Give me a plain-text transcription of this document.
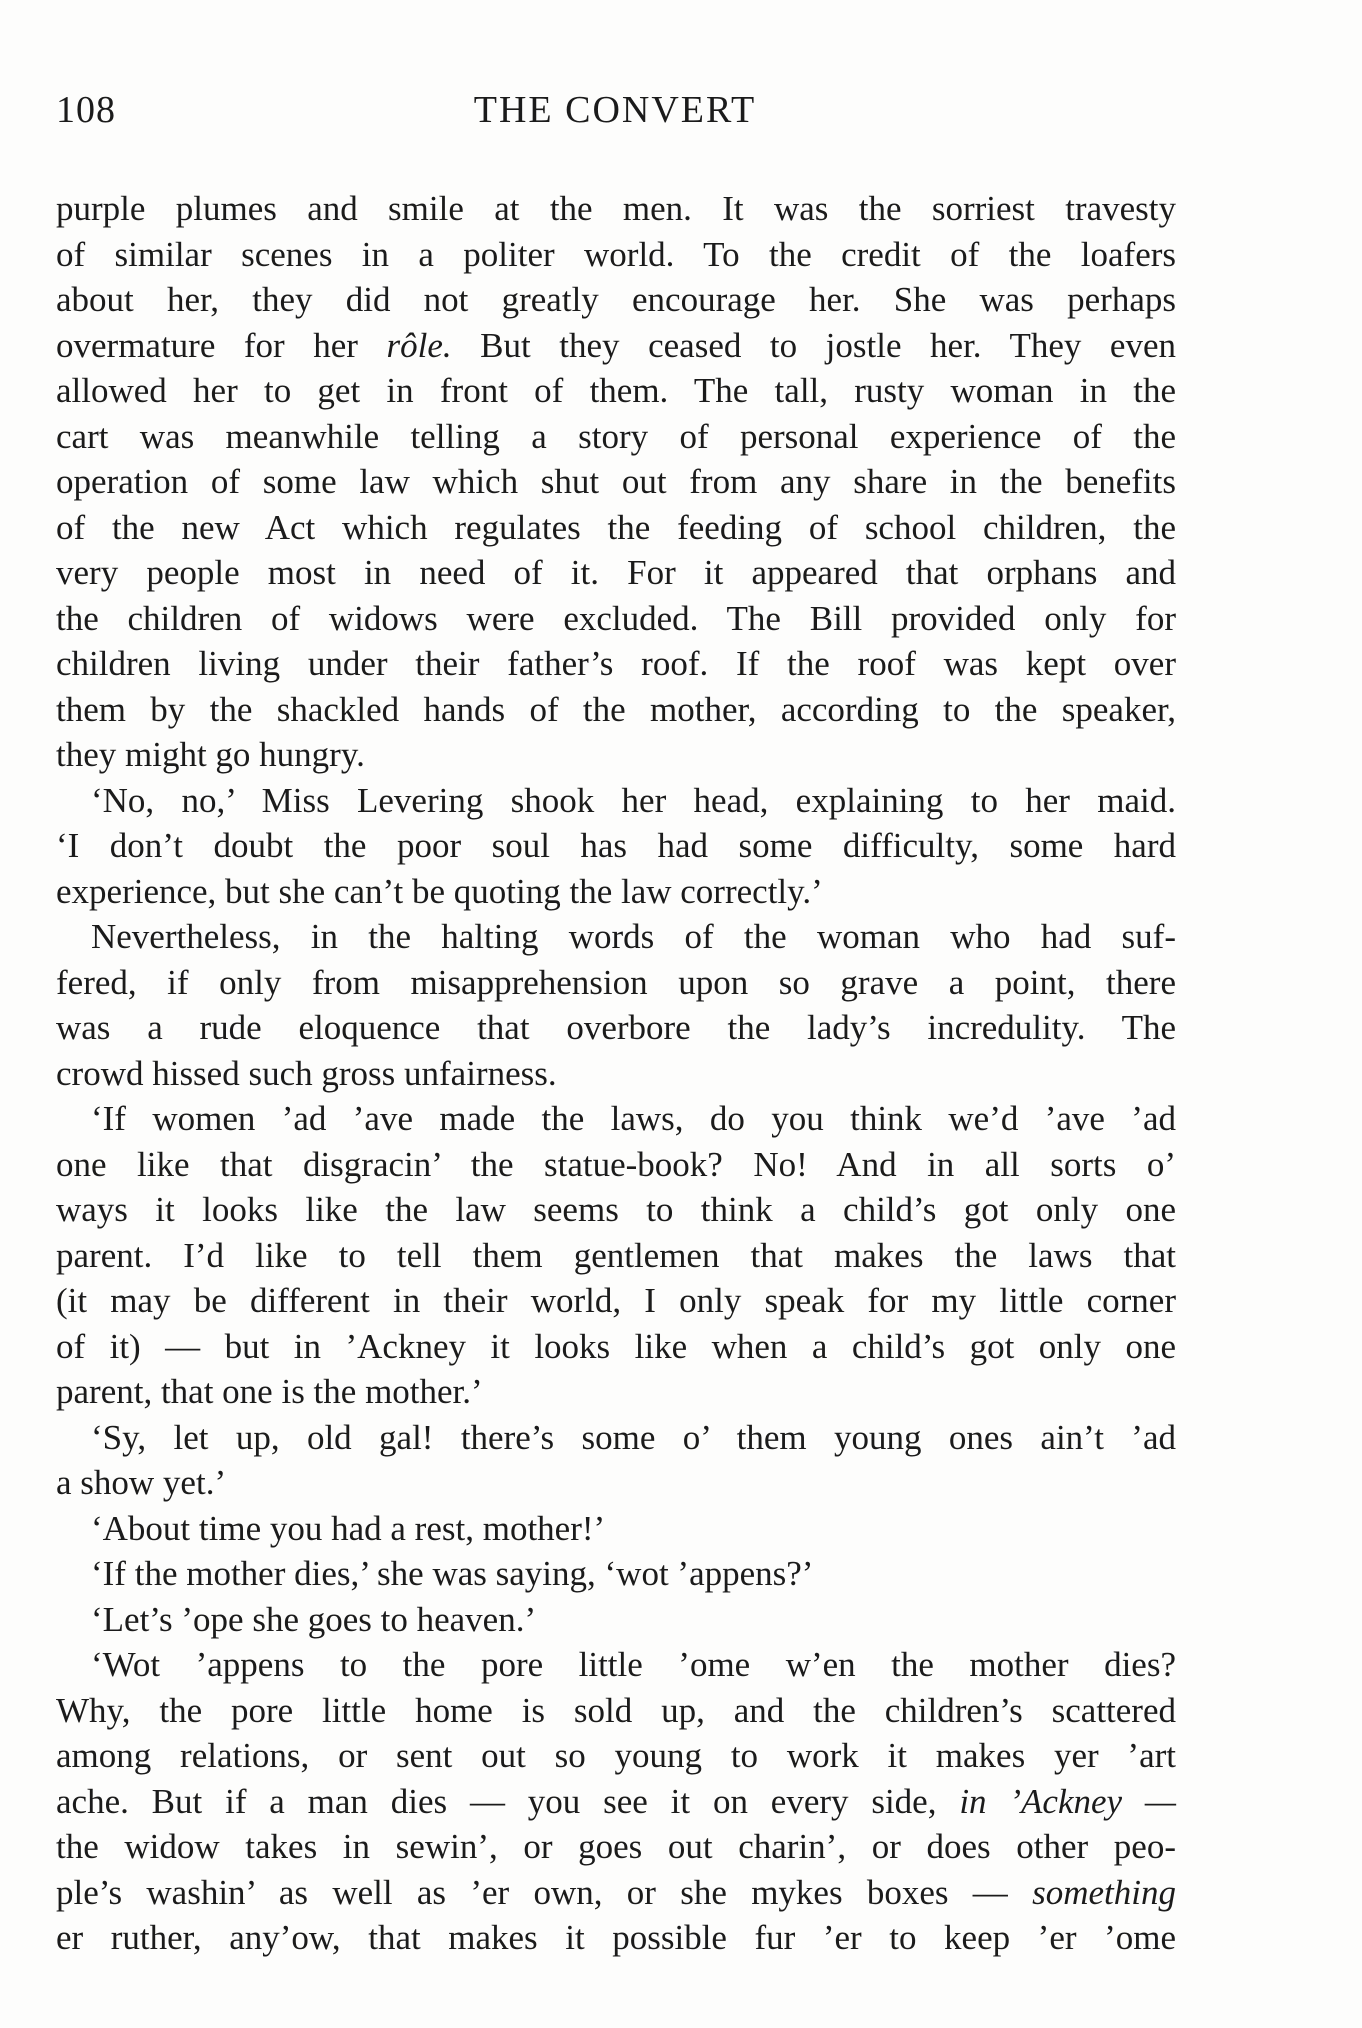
108	THE CONVERT
purple plumes and smile at the men. It was the sorriest travesty
of similar scenes in a politer world. To the credit of the loafers
about her, they did not greatly encourage her. She was perhaps
overmature for her rôle. But they ceased to jostle her. They even
allowed her to get in front of them. The tall, rusty woman in the
cart was meanwhile telling a story of personal experience of the
operation of some law which shut out from any share in the benefits
of the new Act which regulates the feeding of school children, the
very people most in need of it. For it appeared that orphans and
the children of widows were excluded. The Bill provided only for
children living under their father’s roof. If the roof was kept over
them by the shackled hands of the mother, according to the speaker,
they might go hungry.
‘No, no,’ Miss Levering shook her head, explaining to her maid.
‘I don’t doubt the poor soul has had some difficulty, some hard
experience, but she can’t be quoting the law correctly.’
Nevertheless, in the halting words of the woman who had suf-
fered, if only from misapprehension upon so grave a point, there
was a rude eloquence that overbore the lady’s incredulity. The
crowd hissed such gross unfairness.
‘If women ’ad ’ave made the laws, do you think we’d ’ave ’ad
one like that disgracin’ the statue-book? No! And in all sorts o’
ways it looks like the law seems to think a child’s got only one
parent. I’d like to tell them gentlemen that makes the laws that
(it may be different in their world, I only speak for my little corner
of it) — but in ’Ackney it looks like when a child’s got only one
parent, that one is the mother.’
‘Sy, let up, old gal! there’s some o’ them young ones ain’t ’ad
a show yet.’
‘About time you had a rest, mother!’
‘If the mother dies,’ she was saying, ‘wot ’appens?’
‘Let’s ’ope she goes to heaven.’
‘Wot ’appens to the pore little ’ome w’en the mother dies?
Why, the pore little home is sold up, and the children’s scattered
among relations, or sent out so young to work it makes yer ’art
ache. But if a man dies — you see it on every side, in ’Ackney —
the widow takes in sewin’, or goes out charin’, or does other peo-
ple’s washin’ as well as ’er own, or she mykes boxes — something
er ruther, any’ow, that makes it possible fur ’er to keep ’er ’ome
